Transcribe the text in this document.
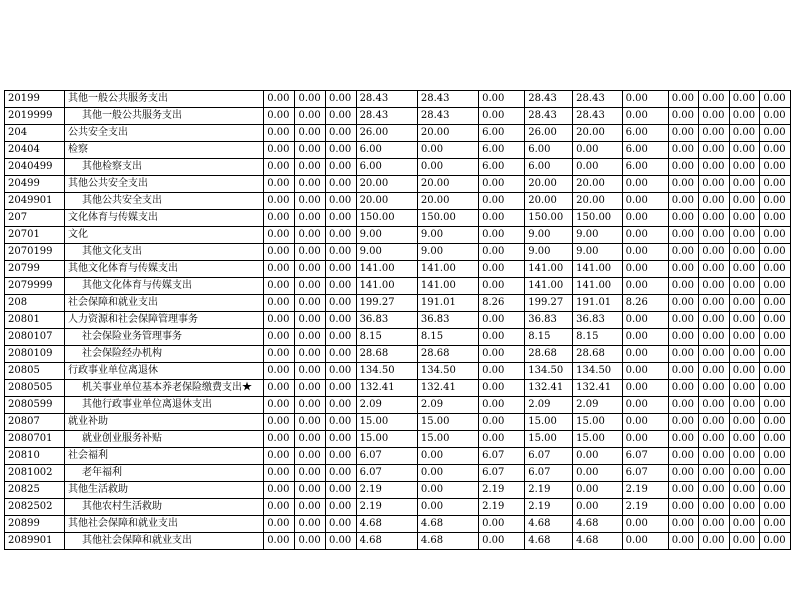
20199	其他一般公共服务支出	0.00	0.00	0.00	28.43	28.43	0.00	28.43	28.43	0.00	0.00	0.00	0.00	0.00
2019999	其他一般公共服务支出	0.00	0.00	0.00	28.43	28.43	0.00	28.43	28.43	0.00	0.00	0.00	0.00	0.00
204	公共安全支出	0.00	0.00	0.00	26.00	20.00	6.00	26.00	20.00	6.00	0.00	0.00	0.00	0.00
20404	检察	0.00	0.00	0.00	6.00	0.00	6.00	6.00	0.00	6.00	0.00	0.00	0.00	0.00
2040499	其他检察支出	0.00	0.00	0.00	6.00	0.00	6.00	6.00	0.00	6.00	0.00	0.00	0.00	0.00
20499	其他公共安全支出	0.00	0.00	0.00	20.00	20.00	0.00	20.00	20.00	0.00	0.00	0.00	0.00	0.00
2049901	其他公共安全支出	0.00	0.00	0.00	20.00	20.00	0.00	20.00	20.00	0.00	0.00	0.00	0.00	0.00
207	文化体育与传媒支出	0.00	0.00	0.00	150.00	150.00	0.00	150.00	150.00	0.00	0.00	0.00	0.00	0.00
20701	文化	0.00	0.00	0.00	9.00	9.00	0.00	9.00	9.00	0.00	0.00	0.00	0.00	0.00
2070199	其他文化支出	0.00	0.00	0.00	9.00	9.00	0.00	9.00	9.00	0.00	0.00	0.00	0.00	0.00
20799	其他文化体育与传媒支出	0.00	0.00	0.00	141.00	141.00	0.00	141.00	141.00	0.00	0.00	0.00	0.00	0.00
2079999	其他文化体育与传媒支出	0.00	0.00	0.00	141.00	141.00	0.00	141.00	141.00	0.00	0.00	0.00	0.00	0.00
208	社会保障和就业支出	0.00	0.00	0.00	199.27	191.01	8.26	199.27	191.01	8.26	0.00	0.00	0.00	0.00
20801	人力资源和社会保障管理事务	0.00	0.00	0.00	36.83	36.83	0.00	36.83	36.83	0.00	0.00	0.00	0.00	0.00
2080107	社会保险业务管理事务	0.00	0.00	0.00	8.15	8.15	0.00	8.15	8.15	0.00	0.00	0.00	0.00	0.00
2080109	社会保险经办机构	0.00	0.00	0.00	28.68	28.68	0.00	28.68	28.68	0.00	0.00	0.00	0.00	0.00
20805	行政事业单位离退休	0.00	0.00	0.00	134.50	134.50	0.00	134.50	134.50	0.00	0.00	0.00	0.00	0.00
2080505	机关事业单位基本养老保险缴费支出★	0.00	0.00	0.00	132.41	132.41	0.00	132.41	132.41	0.00	0.00	0.00	0.00	0.00
2080599	其他行政事业单位离退休支出	0.00	0.00	0.00	2.09	2.09	0.00	2.09	2.09	0.00	0.00	0.00	0.00	0.00
20807	就业补助	0.00	0.00	0.00	15.00	15.00	0.00	15.00	15.00	0.00	0.00	0.00	0.00	0.00
2080701	就业创业服务补贴	0.00	0.00	0.00	15.00	15.00	0.00	15.00	15.00	0.00	0.00	0.00	0.00	0.00
20810	社会福利	0.00	0.00	0.00	6.07	0.00	6.07	6.07	0.00	6.07	0.00	0.00	0.00	0.00
2081002	老年福利	0.00	0.00	0.00	6.07	0.00	6.07	6.07	0.00	6.07	0.00	0.00	0.00	0.00
20825	其他生活救助	0.00	0.00	0.00	2.19	0.00	2.19	2.19	0.00	2.19	0.00	0.00	0.00	0.00
2082502	其他农村生活救助	0.00	0.00	0.00	2.19	0.00	2.19	2.19	0.00	2.19	0.00	0.00	0.00	0.00
20899	其他社会保障和就业支出	0.00	0.00	0.00	4.68	4.68	0.00	4.68	4.68	0.00	0.00	0.00	0.00	0.00
2089901	其他社会保障和就业支出	0.00	0.00	0.00	4.68	4.68	0.00	4.68	4.68	0.00	0.00	0.00	0.00	0.00
